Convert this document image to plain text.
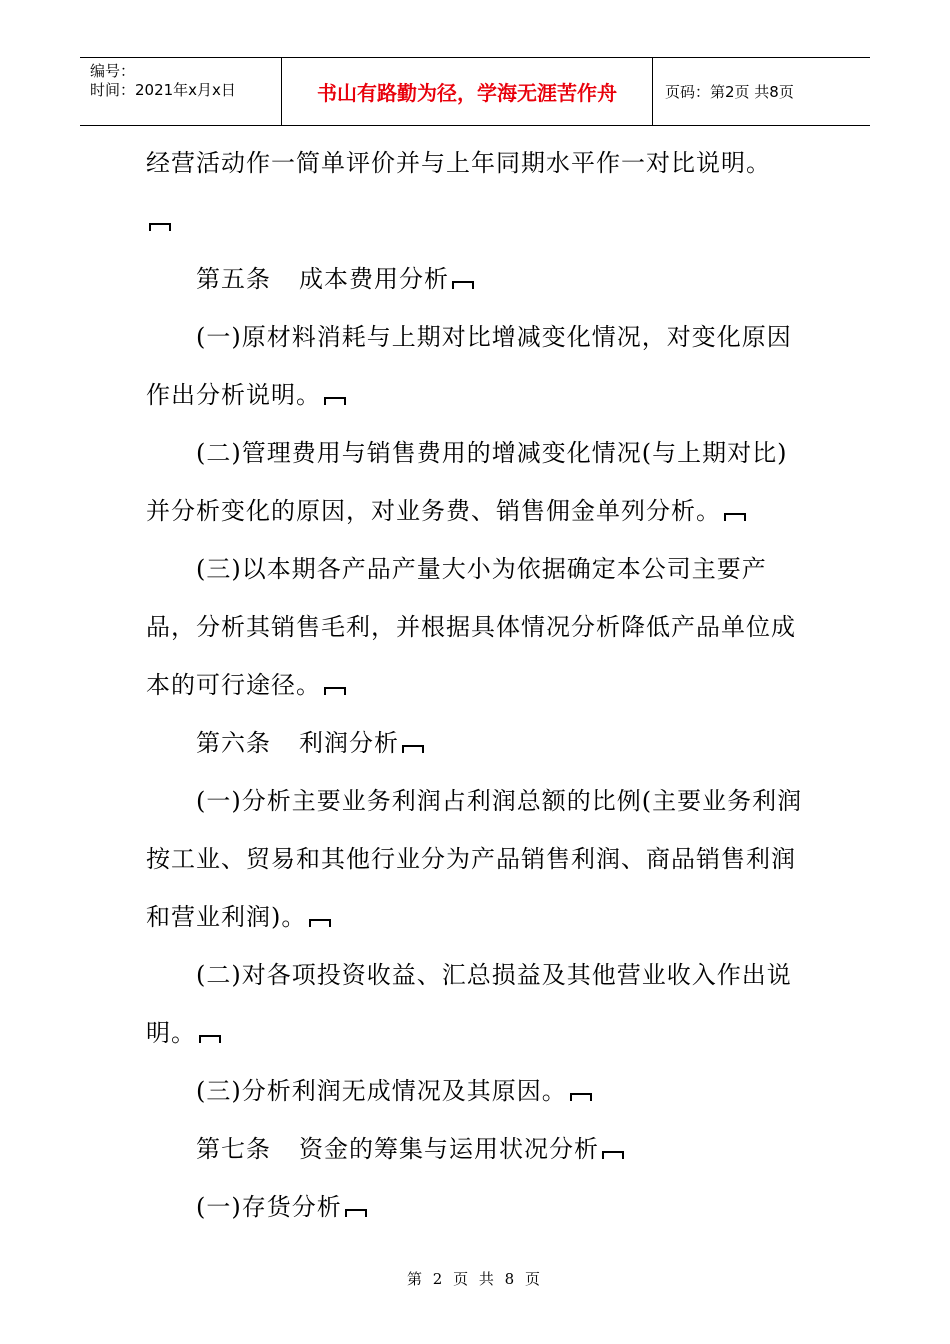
编号：
时间：2021年x月x日	书山有路勤为径，学海无涯苦作舟	页码：第2页 共8页

经营活动作一简单评价并与上年同期水平作一对比说明。

第五条 成本费用分析

(一)原材料消耗与上期对比增减变化情况，对变化原因作出分析说明。

(二)管理费用与销售费用的增减变化情况(与上期对比)并分析变化的原因，对业务费、销售佣金单列分析。

(三)以本期各产品产量大小为依据确定本公司主要产品，分析其销售毛利，并根据具体情况分析降低产品单位成本的可行途径。

第六条 利润分析

(一)分析主要业务利润占利润总额的比例(主要业务利润按工业、贸易和其他行业分为产品销售利润、商品销售利润和营业利润)。

(二)对各项投资收益、汇总损益及其他营业收入作出说明。

(三)分析利润无成情况及其原因。

第七条 资金的筹集与运用状况分析

(一)存货分析

第 2 页 共 8 页
